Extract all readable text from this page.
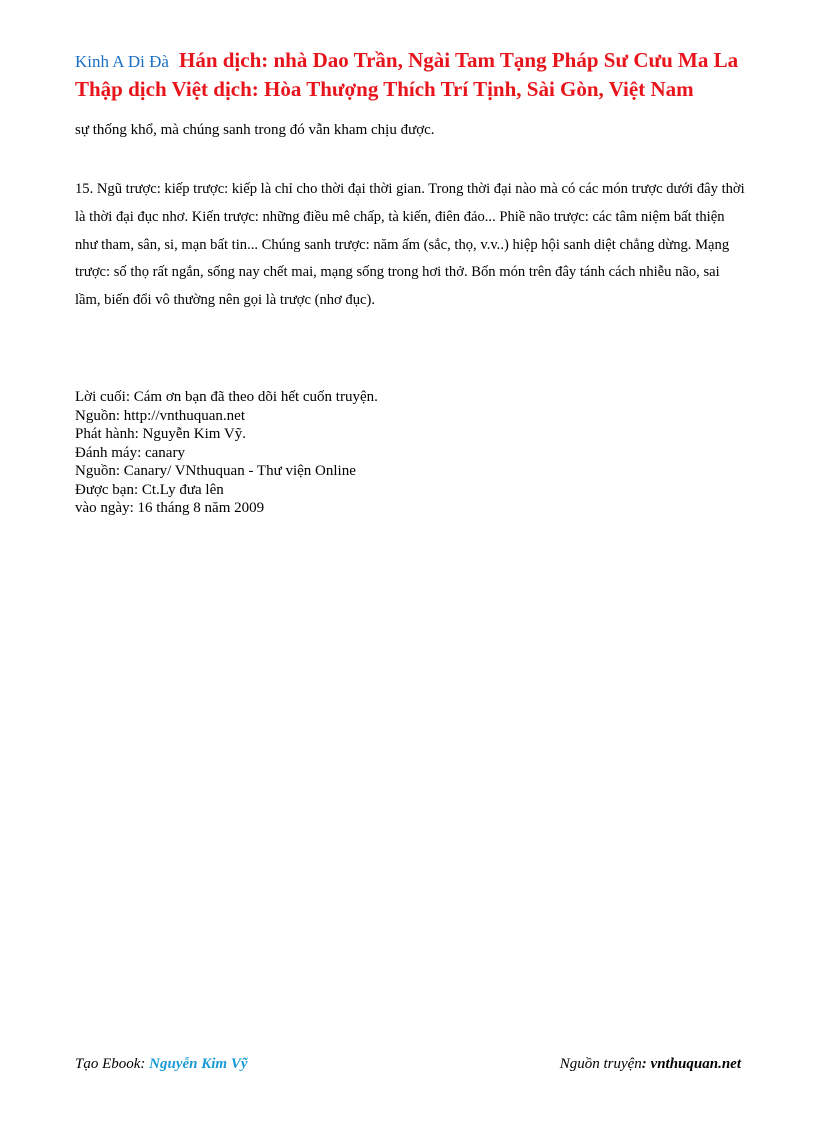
Kinh A Di Đà Hán dịch: nhà Dao Trần, Ngài Tam Tạng Pháp Sư Cưu Ma La Thập dịch Việt dịch: Hòa Thượng Thích Trí Tịnh, Sài Gòn, Việt Nam
sự thống khổ, mà chúng sanh trong đó vẫn kham chịu được.
15. Ngũ trược: kiếp trược: kiếp là chỉ cho thời đại thời gian. Trong thời đại nào mà có các món trược dưới đây thời là thời đại đục nhơ. Kiến trược: những điều mê chấp, tà kiến, điên đảo... Phiề não trược: các tâm niệm bất thiện như tham, sân, si, mạn bất tin... Chúng sanh trược: năm ấm (sắc, thọ, v.v..) hiệp hội sanh diệt chẳng dừng. Mạng trược: số thọ rất ngắn, sống nay chết mai, mạng sống trong hơi thở. Bốn món trên đây tánh cách nhiễu não, sai lầm, biến đổi vô thường nên gọi là trược (nhơ đục).
Lời cuối: Cám ơn bạn đã theo dõi hết cuốn truyện.
Nguồn: http://vnthuquan.net
Phát hành: Nguyễn Kim Vỹ.
Đánh máy: canary
Nguồn: Canary/ VNthuquan - Thư viện Online
Được bạn: Ct.Ly đưa lên
vào ngày: 16 tháng 8 năm 2009
Tạo Ebook: Nguyễn Kim Vỹ	Nguồn truyện: vnthuquan.net
